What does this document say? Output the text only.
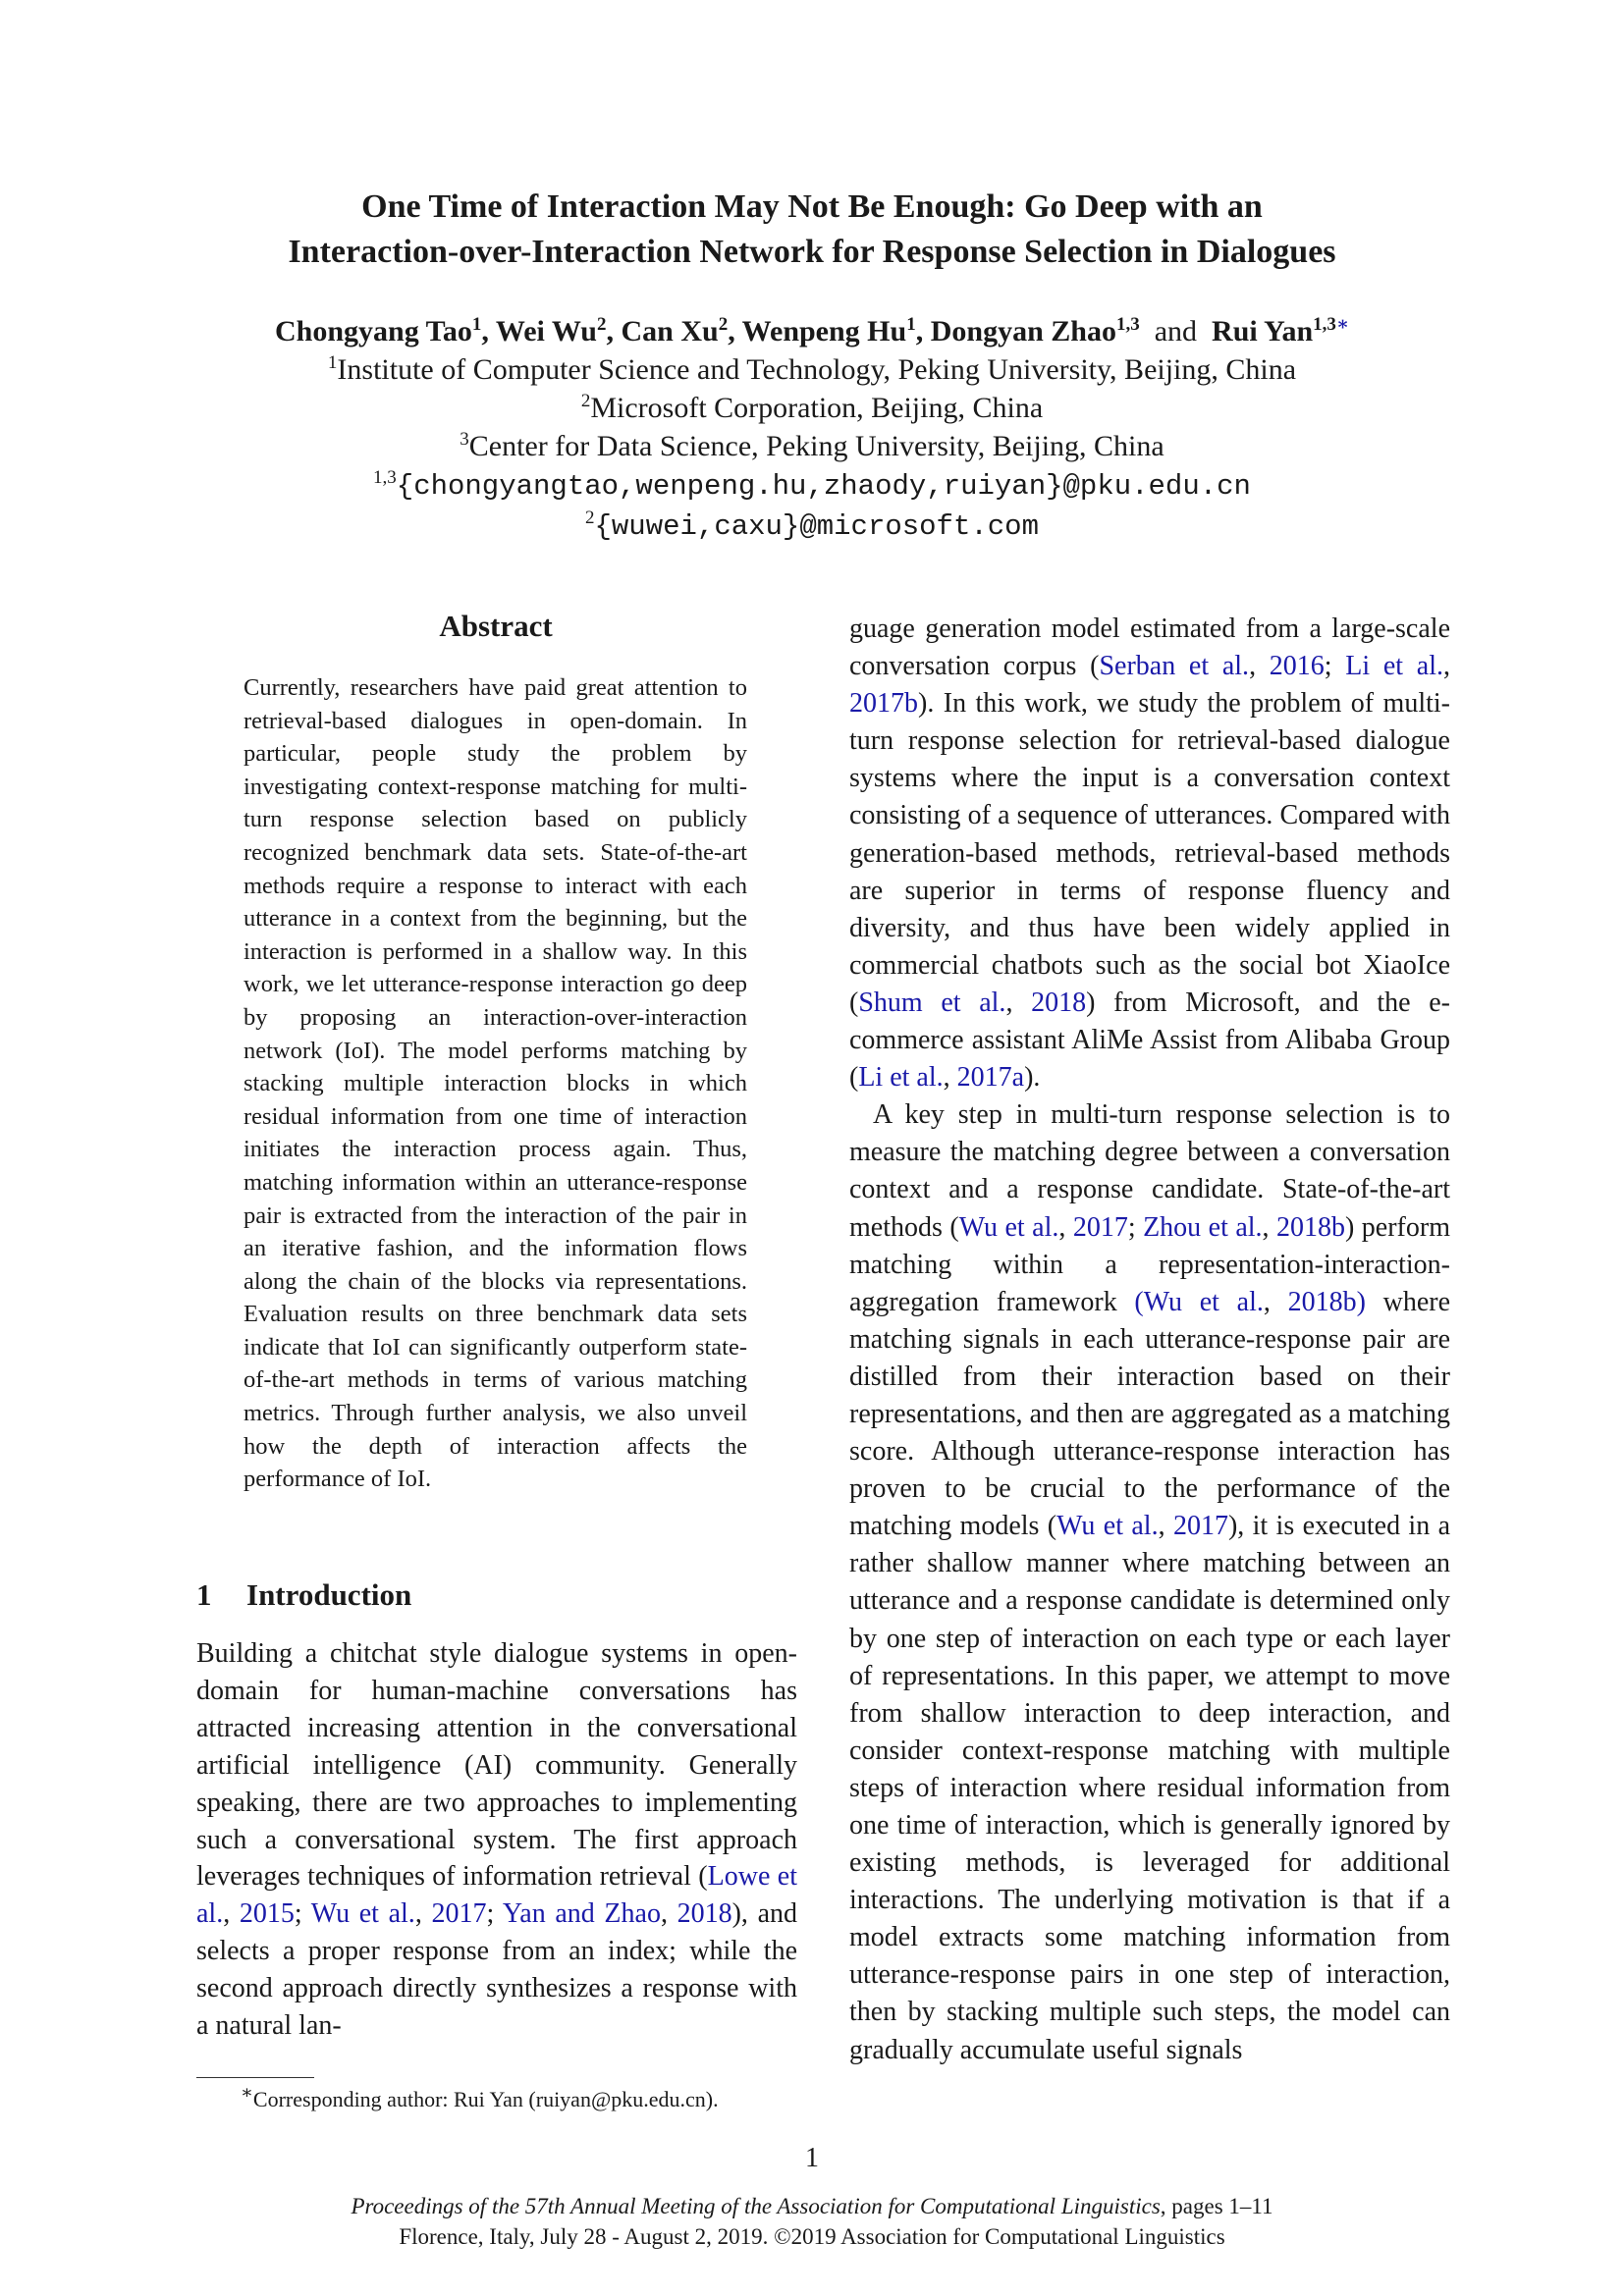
One Time of Interaction May Not Be Enough: Go Deep with an
Interaction-over-Interaction Network for Response Selection in Dialogues
Chongyang Tao$^1$, Wei Wu$^2$, Can Xu$^2$, Wenpeng Hu$^1$, Dongyan Zhao$^{1,3}$ and Rui Yan$^{1,3∗}$
$^1$Institute of Computer Science and Technology, Peking University, Beijing, China
$^2$Microsoft Corporation, Beijing, China
$^3$Center for Data Science, Peking University, Beijing, China
$^{1,3}${chongyangtao,wenpeng.hu,zhaody,ruiyan}@pku.edu.cn
$^2${wuwei,caxu}@microsoft.com
Abstract

Currently, researchers have paid great attention to retrieval-based dialogues in open-domain. In particular, people study the problem by investigating context-response matching for multi-turn response selection based on publicly recognized benchmark data sets. State-of-the-art methods require a response to interact with each utterance in a context from the beginning, but the interaction is performed in a shallow way. In this work, we let utterance-response interaction go deep by proposing an interaction-over-interaction network (IoI). The model performs matching by stacking multiple interaction blocks in which residual information from one time of interaction initiates the interaction process again. Thus, matching information within an utterance-response pair is extracted from the interaction of the pair in an iterative fashion, and the information flows along the chain of the blocks via representations. Evaluation results on three benchmark data sets indicate that IoI can significantly outperform state-of-the-art methods in terms of various matching metrics. Through further analysis, we also unveil how the depth of interaction affects the performance of IoI.

1 Introduction

Building a chitchat style dialogue systems in open-domain for human-machine conversations has attracted increasing attention in the conversational artificial intelligence (AI) community. Generally speaking, there are two approaches to implementing such a conversational system. The first approach leverages techniques of information retrieval (Lowe et al., 2015; Wu et al., 2017; Yan and Zhao, 2018), and selects a proper response from an index; while the second approach directly synthesizes a response with a natural lan-

guage generation model estimated from a large-scale conversation corpus (Serban et al., 2016; Li et al., 2017b). In this work, we study the problem of multi-turn response selection for retrieval-based dialogue systems where the input is a conversation context consisting of a sequence of utterances. Compared with generation-based methods, retrieval-based methods are superior in terms of response fluency and diversity, and thus have been widely applied in commercial chatbots such as the social bot XiaoIce (Shum et al., 2018) from Microsoft, and the e-commerce assistant AliMe Assist from Alibaba Group (Li et al., 2017a).

A key step in multi-turn response selection is to measure the matching degree between a conversation context and a response candidate. State-of-the-art methods (Wu et al., 2017; Zhou et al., 2018b) perform matching within a representation-interaction-aggregation framework (Wu et al., 2018b) where matching signals in each utterance-response pair are distilled from their interaction based on their representations, and then are aggregated as a matching score. Although utterance-response interaction has proven to be crucial to the performance of the matching models (Wu et al., 2017), it is executed in a rather shallow manner where matching between an utterance and a response candidate is determined only by one step of interaction on each type or each layer of representations. In this paper, we attempt to move from shallow interaction to deep interaction, and consider context-response matching with multiple steps of interaction where residual information from one time of interaction, which is generally ignored by existing methods, is leveraged for additional interactions. The underlying motivation is that if a model extracts some matching information from utterance-response pairs in one step of interaction, then by stacking multiple such steps, the model can gradually accumulate useful signals

∗Corresponding author: Rui Yan (ruiyan@pku.edu.cn).
1
Proceedings of the 57th Annual Meeting of the Association for Computational Linguistics, pages 1–11
Florence, Italy, July 28 - August 2, 2019. ©2019 Association for Computational Linguistics
